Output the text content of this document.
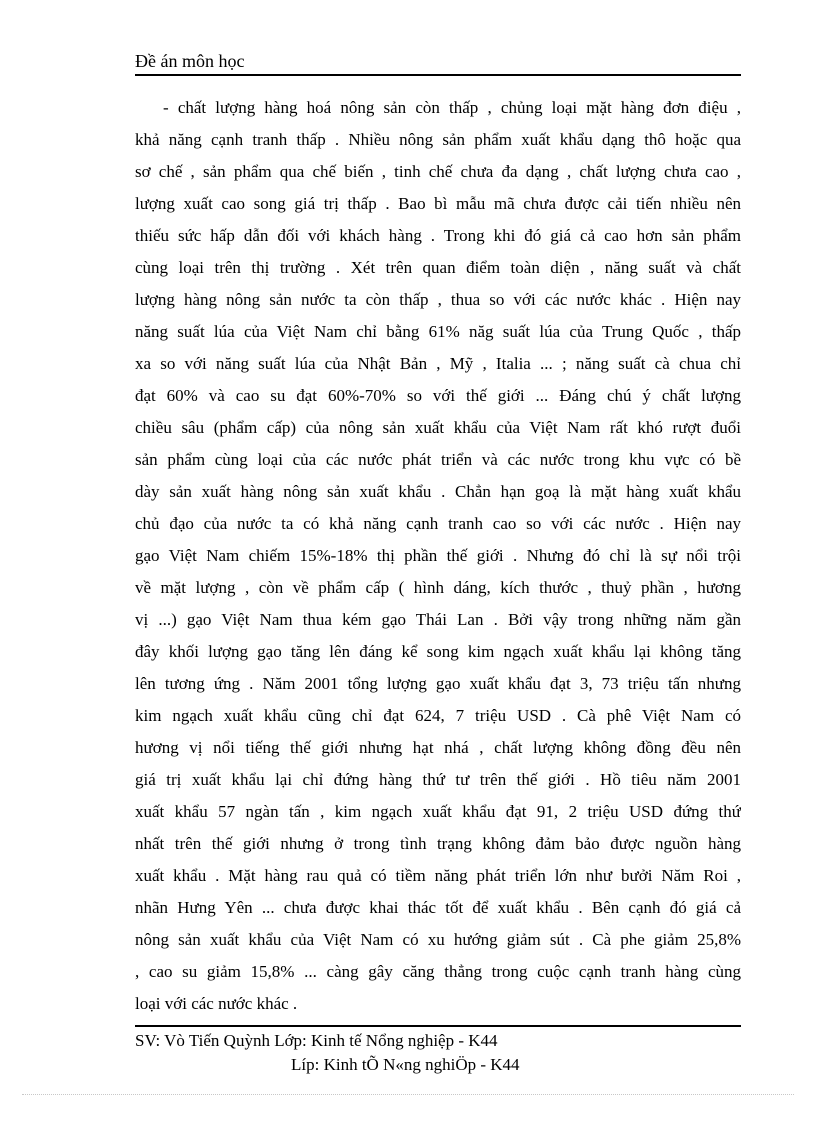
Đề án môn học
- chất lượng hàng hoá nông sản còn thấp , chủng loại mặt hàng đơn điệu ,
khả năng cạnh tranh thấp . Nhiều nông sản phẩm xuất khẩu dạng thô hoặc qua
sơ chế , sản phẩm qua chế biến , tinh chế chưa đa dạng , chất lượng chưa cao ,
lượng xuất cao song giá trị thấp . Bao bì mẫu mã chưa được cải tiến nhiều nên
thiếu sức hấp dẫn đối với khách hàng . Trong khi đó giá cả cao hơn sản phẩm
cùng loại trên thị trường . Xét trên quan điểm toàn diện , năng suất và chất
lượng hàng nông sản nước ta còn thấp , thua so với các nước khác . Hiện nay
năng suất lúa của Việt Nam chỉ bằng 61% năg suất lúa của Trung Quốc , thấp
xa so với năng suất lúa của Nhật Bản , Mỹ , Italia ... ; năng suất cà chua chỉ
đạt 60% và cao su đạt 60%-70% so với thế giới ... Đáng chú ý chất lượng
chiều sâu (phẩm cấp) của nông sản xuất khẩu của Việt Nam rất khó rượt đuổi
sản phẩm cùng loại của các nước phát triển và các nước trong khu vực có bề
dày sản xuất hàng nông sản xuất khẩu . Chẳn hạn goạ là mặt hàng xuất khẩu
chủ đạo của nước ta có khả năng cạnh tranh cao so với các nước . Hiện nay
gạo Việt Nam chiếm 15%-18% thị phần thế giới . Nhưng đó chỉ là sự nổi trội
về mặt lượng , còn về phẩm cấp ( hình dáng, kích thước , thuỷ phần , hương
vị ...) gạo Việt Nam thua kém gạo Thái Lan . Bởi vậy trong những năm gần
đây khối lượng gạo tăng lên đáng kể song kim ngạch xuất khẩu lại không tăng
lên tương ứng . Năm 2001 tổng lượng gạo xuất khẩu đạt 3, 73 triệu tấn nhưng
kim ngạch xuất khẩu cũng chỉ đạt 624, 7 triệu USD . Cà phê Việt Nam có
hương vị nổi tiếng thế giới nhưng hạt nhá , chất lượng không đồng đều nên
giá trị xuất khẩu lại chỉ đứng hàng thứ tư trên thế giới . Hồ tiêu năm 2001
xuất khẩu 57 ngàn tấn , kim ngạch xuất khẩu đạt 91, 2 triệu USD đứng thứ
nhất trên thế giới nhưng ở trong tình trạng không đảm bảo được nguồn hàng
xuất khẩu . Mặt hàng rau quả có tiềm năng phát triển lớn như bưởi Năm Roi ,
nhãn Hưng Yên ... chưa được khai thác tốt để xuất khẩu . Bên cạnh đó giá cả
nông sản xuất khẩu của Việt Nam có xu hướng giảm sút . Cà phe giảm 25,8%
, cao su giảm 15,8% ... càng gây căng thẳng trong cuộc cạnh tranh hàng cùng
loại với các nước khác .
SV: Vò Tiến Quỳnh Lớp: Kinh tế Nổng nghiệp - K44
Líp: Kinh tÕ N«ng nghiÖp - K44
